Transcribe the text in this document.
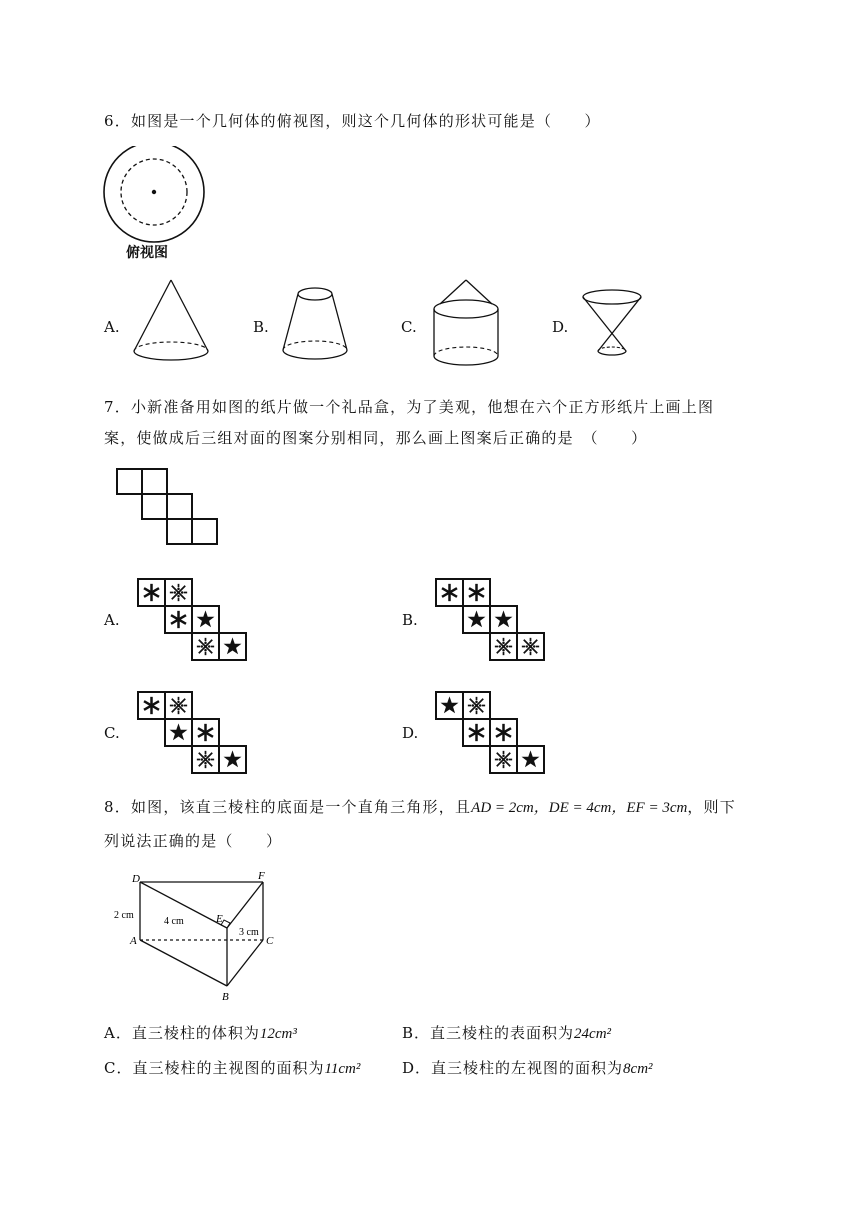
6．如图是一个几何体的俯视图，则这个几何体的形状可能是（　　）
俯视图
A.	B.	C.	D.
7．小新准备用如图的纸片做一个礼品盒，为了美观，他想在六个正方形纸片上画上图
案，使做成后三组对面的图案分别相同，那么画上图案后正确的是　（　　）
A.	B.
C.	D.
8．如图，该直三棱柱的底面是一个直角三角形，且AD = 2cm，DE = 4cm，EF = 3cm，则下
列说法正确的是（　　）
D	F
E
A	C
B
2 cm
4 cm
3 cm
A．直三棱柱的体积为12cm³	B．直三棱柱的表面积为24cm²
C．直三棱柱的主视图的面积为11cm²	D．直三棱柱的左视图的面积为8cm²
